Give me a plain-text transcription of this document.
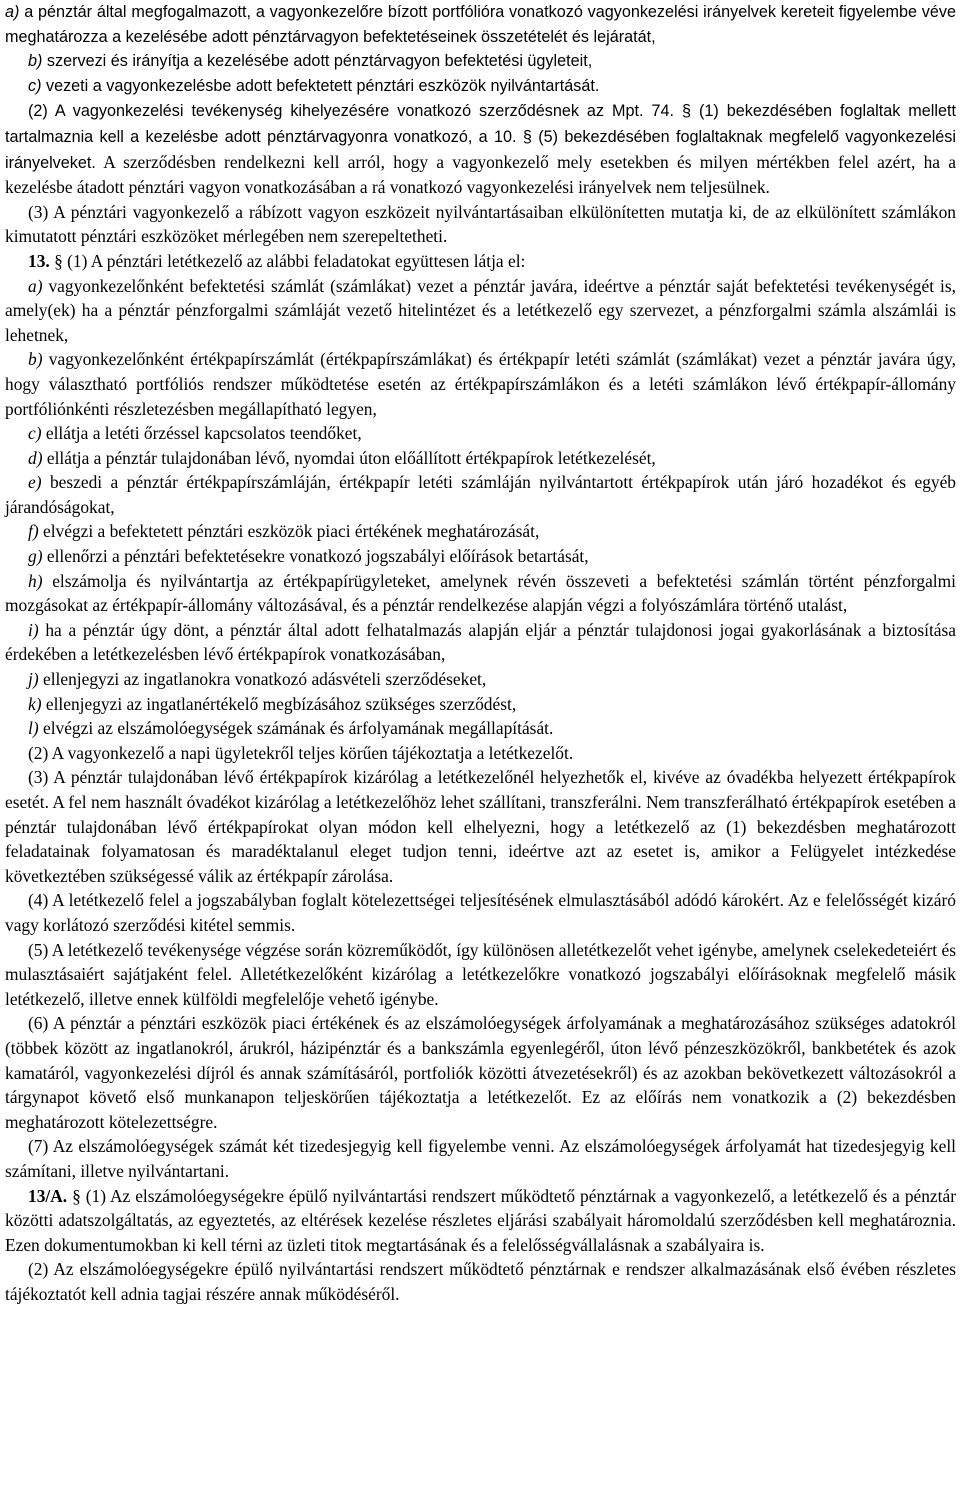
a) a pénztár által megfogalmazott, a vagyonkezelőre bízott portfólióra vonatkozó vagyonkezelési irányelvek kereteit figyelembe véve meghatározza a kezelésébe adott pénztárvagyon befektetéseinek összetételét és lejáratát,

b) szervezi és irányítja a kezelésébe adott pénztárvagyon befektetési ügyleteit,

c) vezeti a vagyonkezelésbe adott befektetett pénztári eszközök nyilvántartását.

(2) A vagyonkezelési tevékenység kihelyezésére vonatkozó szerződésnek az Mpt. 74. § (1) bekezdésében foglaltak mellett tartalmaznia kell a kezelésbe adott pénztárvagyonra vonatkozó, a 10. § (5) bekezdésében foglaltaknak megfelelő vagyonkezelési irányelveket. A szerződésben rendelkezni kell arról, hogy a vagyonkezelő mely esetekben és milyen mértékben felel azért, ha a kezelésbe átadott pénztári vagyon vonatkozásában a rá vonatkozó vagyonkezelési irányelvek nem teljesülnek.

(3) A pénztári vagyonkezelő a rábízott vagyon eszközeit nyilvántartásaiban elkülönítetten mutatja ki, de az elkülönített számlákon kimutatott pénztári eszközöket mérlegében nem szerepeltetheti.

13. § (1) A pénztári letétkezelő az alábbi feladatokat együttesen látja el:

a) vagyonkezelőnként befektetési számlát (számlákat) vezet a pénztár javára, ideértve a pénztár saját befektetési tevékenységét is, amely(ek) ha a pénztár pénzforgalmi számláját vezető hitelintézet és a letétkezelő egy szervezet, a pénzforgalmi számla alszámlái is lehetnek,

b) vagyonkezelőnként értékpapírszámlát (értékpapírszámlákat) és értékpapír letéti számlát (számlákat) vezet a pénztár javára úgy, hogy választható portfóliós rendszer működtetése esetén az értékpapírszámlákon és a letéti számlákon lévő értékpapír-állomány portfóliónkénti részletezésben megállapítható legyen,

c) ellátja a letéti őrzéssel kapcsolatos teendőket,

d) ellátja a pénztár tulajdonában lévő, nyomdai úton előállított értékpapírok letétkezelését,

e) beszedi a pénztár értékpapírszámláján, értékpapír letéti számláján nyilvántartott értékpapírok után járó hozadékot és egyéb járandóságokat,

f) elvégzi a befektetett pénztári eszközök piaci értékének meghatározását,

g) ellenőrzi a pénztári befektetésekre vonatkozó jogszabályi előírások betartását,

h) elszámolja és nyilvántartja az értékpapírügyleteket, amelynek révén összeveti a befektetési számlán történt pénzforgalmi mozgásokat az értékpapír-állomány változásával, és a pénztár rendelkezése alapján végzi a folyószámlára történő utalást,

i) ha a pénztár úgy dönt, a pénztár által adott felhatalmazás alapján eljár a pénztár tulajdonosi jogai gyakorlásának a biztosítása érdekében a letétkezelésben lévő értékpapírok vonatkozásában,

j) ellenjegyzi az ingatlanokra vonatkozó adásvételi szerződéseket,

k) ellenjegyzi az ingatlanértékelő megbízásához szükséges szerződést,

l) elvégzi az elszámolóegységek számának és árfolyamának megállapítását.

(2) A vagyonkezelő a napi ügyletekről teljes körűen tájékoztatja a letétkezelőt.

(3) A pénztár tulajdonában lévő értékpapírok kizárólag a letétkezelőnél helyezhetők el, kivéve az óvadékba helyezett értékpapírok esetét. A fel nem használt óvadékot kizárólag a letétkezelőhöz lehet szállítani, transzferálni. Nem transzferálható értékpapírok esetében a pénztár tulajdonában lévő értékpapírokat olyan módon kell elhelyezni, hogy a letétkezelő az (1) bekezdésben meghatározott feladatainak folyamatosan és maradéktalanul eleget tudjon tenni, ideértve azt az esetet is, amikor a Felügyelet intézkedése következtében szükségessé válik az értékpapír zárolása.

(4) A letétkezelő felel a jogszabályban foglalt kötelezettségei teljesítésének elmulasztásából adódó károkért. Az e felelősségét kizáró vagy korlátozó szerződési kitétel semmis.

(5) A letétkezelő tevékenysége végzése során közreműködőt, így különösen alletétkezelőt vehet igénybe, amelynek cselekedeteiért és mulasztásaiért sajátjaként felel. Alletétkezelőként kizárólag a letétkezelőkre vonatkozó jogszabályi előírásoknak megfelelő másik letétkezelő, illetve ennek külföldi megfelelője vehető igénybe.

(6) A pénztár a pénztári eszközök piaci értékének és az elszámolóegységek árfolyamának a meghatározásához szükséges adatokról (többek között az ingatlanokról, árukról, házipénztár és a bankszámla egyenlegéről, úton lévő pénzeszközökről, bankbetétek és azok kamatáról, vagyonkezelési díjról és annak számításáról, portfoliók közötti átvezetésekről) és az azokban bekövetkezett változásokról a tárgynapot követő első munkanapon teljeskörűen tájékoztatja a letétkezelőt. Ez az előírás nem vonatkozik a (2) bekezdésben meghatározott kötelezettségre.

(7) Az elszámolóegységek számát két tizedesjegyig kell figyelembe venni. Az elszámolóegységek árfolyamát hat tizedesjegyig kell számítani, illetve nyilvántartani.

13/A. § (1) Az elszámolóegységekre épülő nyilvántartási rendszert működtető pénztárnak a vagyonkezelő, a letétkezelő és a pénztár közötti adatszolgáltatás, az egyeztetés, az eltérések kezelése részletes eljárási szabályait háromoldalú szerződésben kell meghatároznia. Ezen dokumentumokban ki kell térni az üzleti titok megtartásának és a felelősségvállalásnak a szabályaira is.

(2) Az elszámolóegységekre épülő nyilvántartási rendszert működtető pénztárnak e rendszer alkalmazásának első évében részletes tájékoztatót kell adnia tagjai részére annak működéséről.
